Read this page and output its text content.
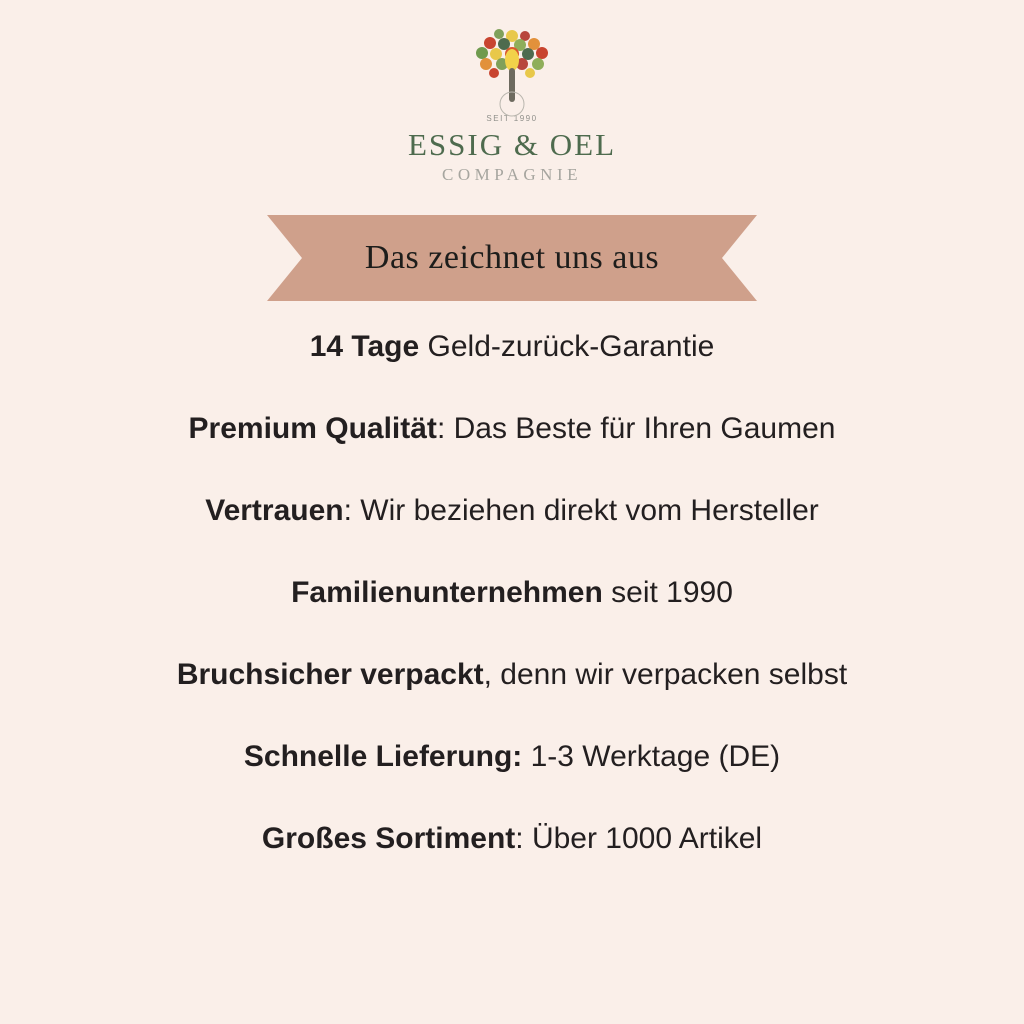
SEIT 1990
ESSIG & OEL
COMPAGNIE
Das zeichnet uns aus

14 Tage Geld-zurück-Garantie

Premium Qualität: Das Beste für Ihren Gaumen

Vertrauen: Wir beziehen direkt vom Hersteller

Familienunternehmen seit 1990

Bruchsicher verpackt, denn wir verpacken selbst

Schnelle Lieferung: 1-3 Werktage (DE)

Großes Sortiment: Über 1000 Artikel
